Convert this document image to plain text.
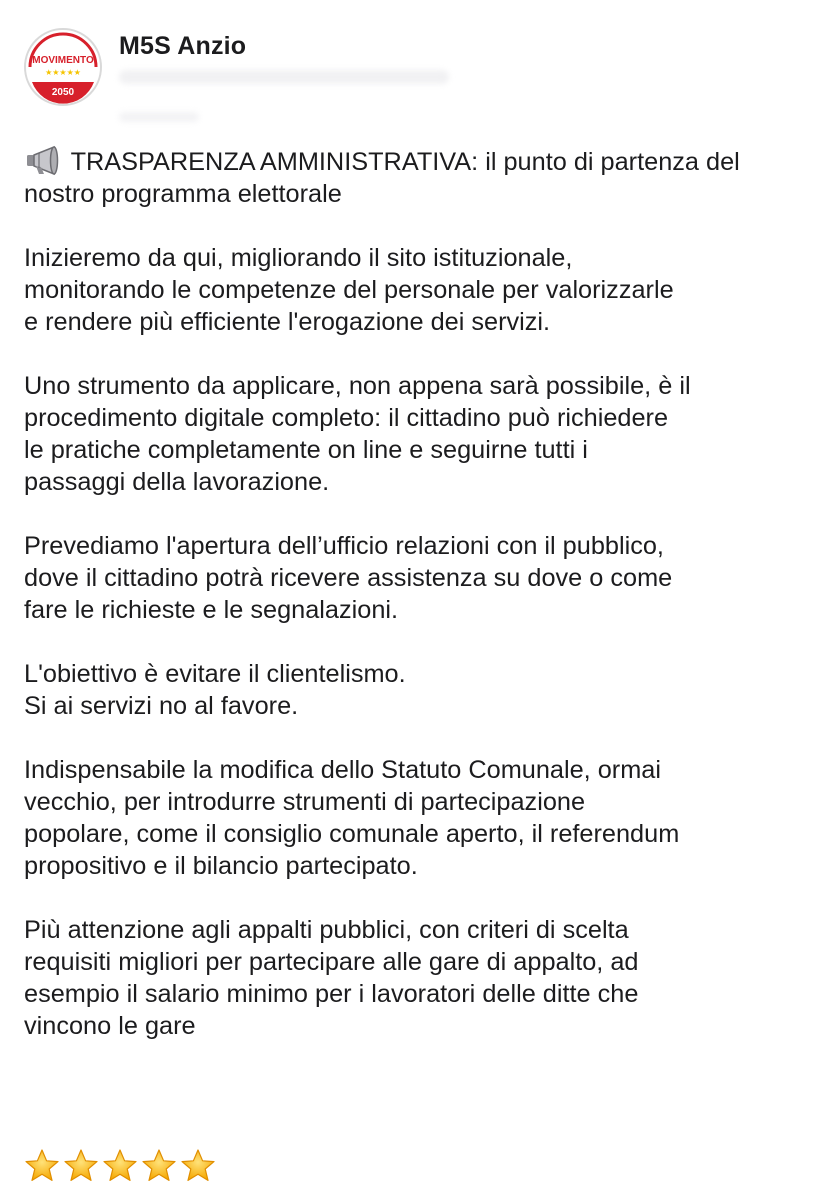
MOVIMENTO
★★★★★
2050
M5S Anzio

TRASPARENZA AMMINISTRATIVA: il punto di partenza del nostro programma elettorale

Inizieremo da qui, migliorando il sito istituzionale,
monitorando le competenze del personale per valorizzarle
e rendere più efficiente l'erogazione dei servizi.

Uno strumento da applicare, non appena sarà possibile, è il
procedimento digitale completo: il cittadino può richiedere
le pratiche completamente on line e seguirne tutti i
passaggi della lavorazione.

Prevediamo l'apertura dell’ufficio relazioni con il pubblico,
dove il cittadino potrà ricevere assistenza su dove o come
fare le richieste e le segnalazioni.

L'obiettivo è evitare il clientelismo.
Si ai servizi no al favore.

Indispensabile la modifica dello Statuto Comunale, ormai
vecchio, per introdurre strumenti di partecipazione
popolare, come il consiglio comunale aperto, il referendum
propositivo e il bilancio partecipato.

Più attenzione agli appalti pubblici, con criteri di scelta
requisiti migliori per partecipare alle gare di appalto, ad
esempio il salario minimo per i lavoratori delle ditte che
vincono le gare
